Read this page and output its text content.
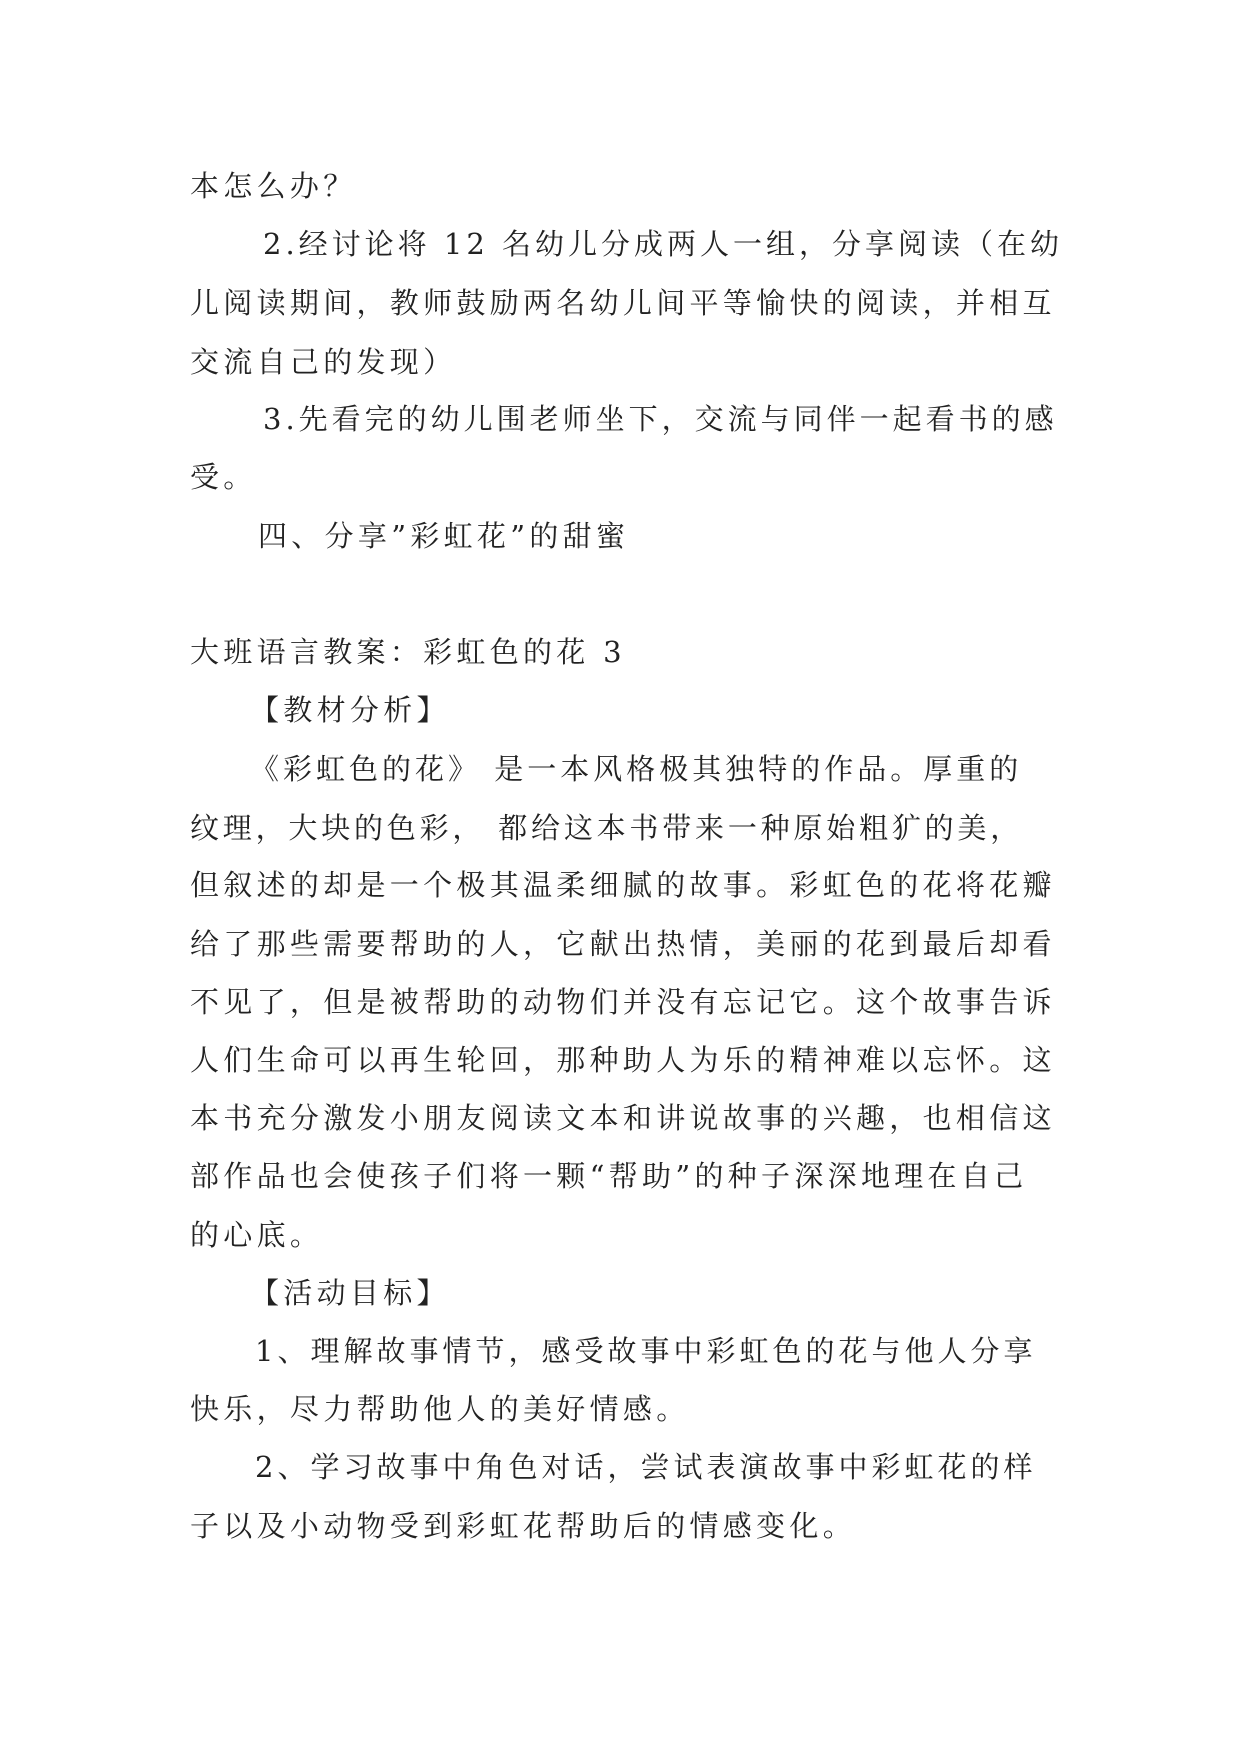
本怎么办？
2.经讨论将 12 名幼儿分成两人一组，分享阅读（在幼
儿阅读期间，教师鼓励两名幼儿间平等愉快的阅读，并相互
交流自己的发现）
3.先看完的幼儿围老师坐下，交流与同伴一起看书的感
受。
四、分享”彩虹花”的甜蜜
大班语言教案：彩虹色的花 3
【教材分析】
《彩虹色的花》 是一本风格极其独特的作品。厚重的
纹理，大块的色彩， 都给这本书带来一种原始粗犷的美，
但叙述的却是一个极其温柔细腻的故事。彩虹色的花将花瓣
给了那些需要帮助的人，它献出热情，美丽的花到最后却看
不见了，但是被帮助的动物们并没有忘记它。这个故事告诉
人们生命可以再生轮回，那种助人为乐的精神难以忘怀。这
本书充分激发小朋友阅读文本和讲说故事的兴趣，也相信这
部作品也会使孩子们将一颗“帮助”的种子深深地理在自己
的心底。
【活动目标】
1、理解故事情节，感受故事中彩虹色的花与他人分享
快乐，尽力帮助他人的美好情感。
2、学习故事中角色对话，尝试表演故事中彩虹花的样
子以及小动物受到彩虹花帮助后的情感变化。
